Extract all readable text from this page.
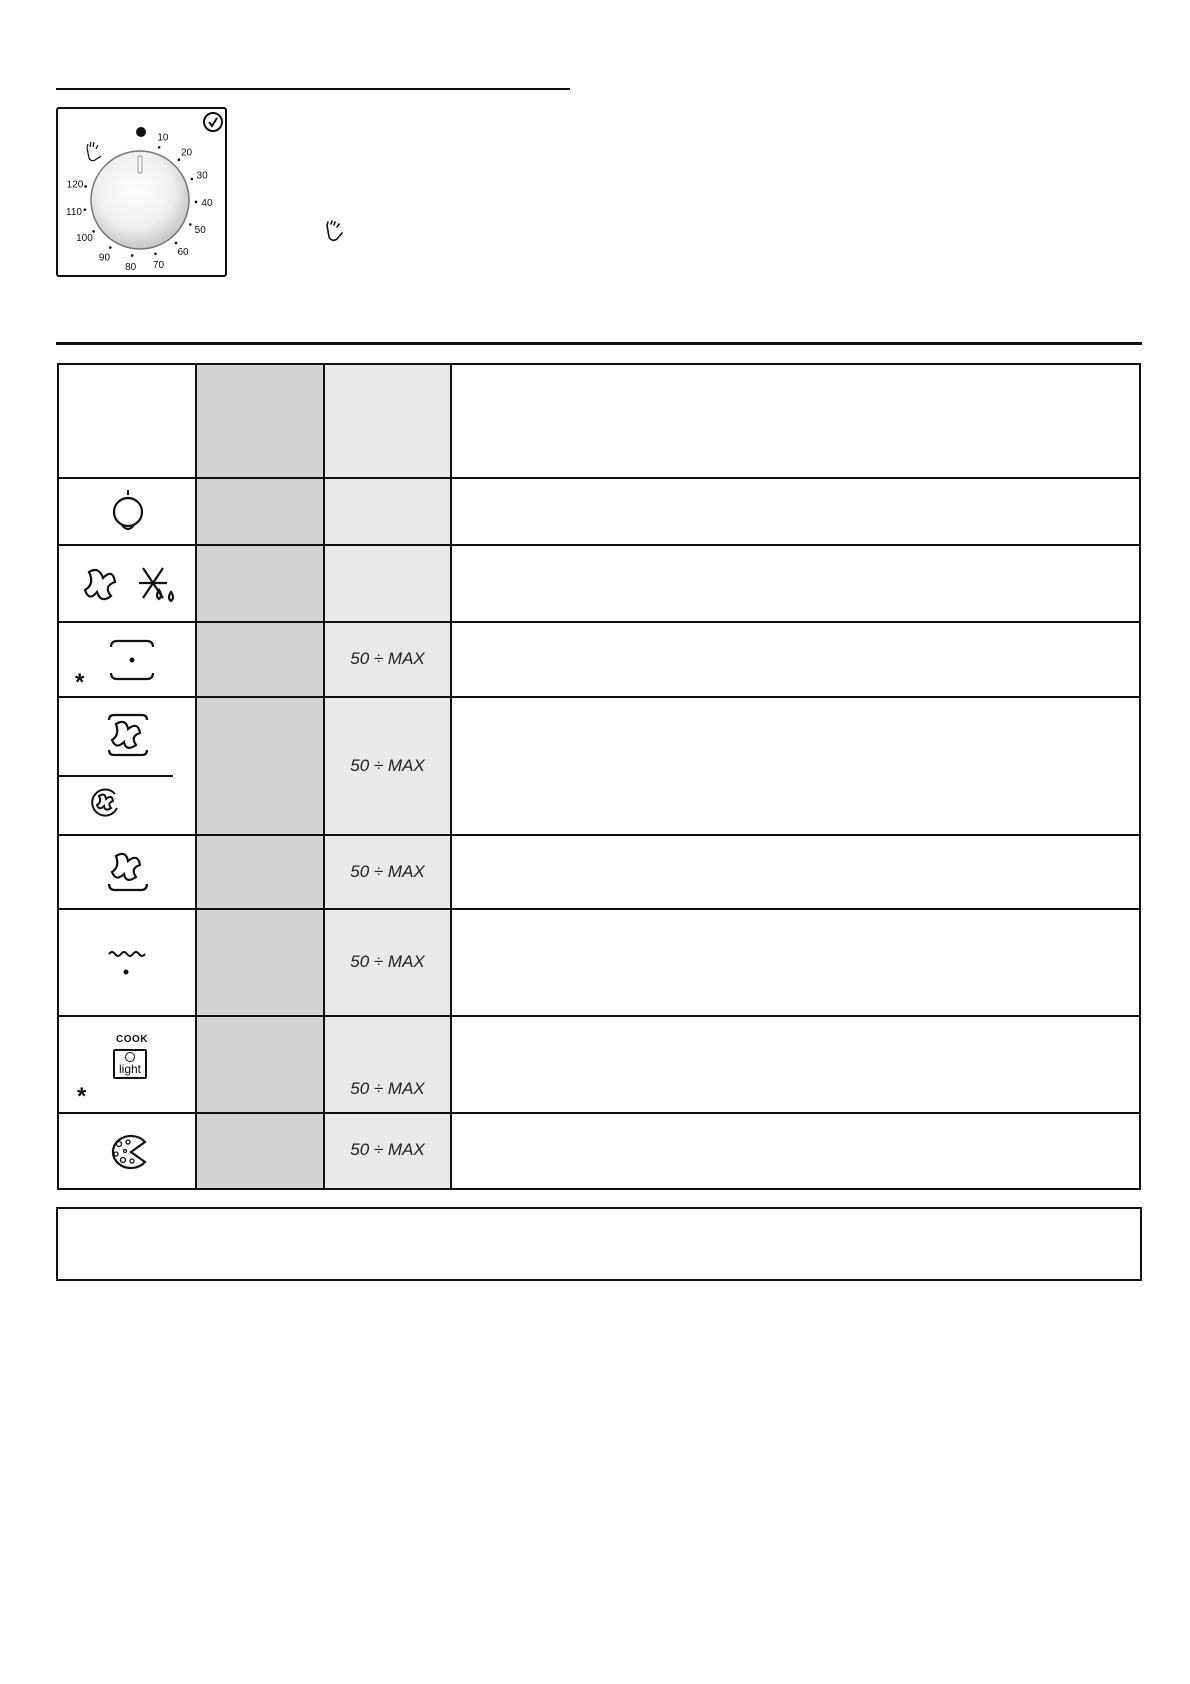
10
20
30
40
50
60
70
80
90
100
110
120
*
50 ÷ MAX
50 ÷ MAX
50 ÷ MAX
50 ÷ MAX
light
COOK
*	50 ÷ MAX
50 ÷ MAX
